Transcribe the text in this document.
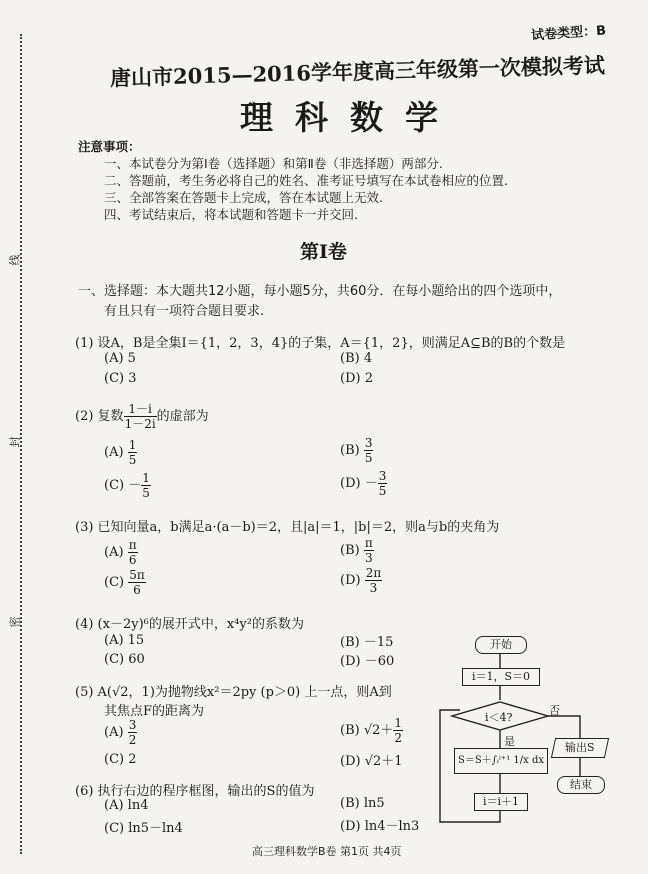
线
封
密
试卷类型：B
唐山市2015—2016学年度高三年级第一次模拟考试
理科数学
注意事项：
一、本试卷分为第Ⅰ卷（选择题）和第Ⅱ卷（非选择题）两部分.
二、答题前，考生务必将自己的姓名、准考证号填写在本试卷相应的位置.
三、全部答案在答题卡上完成，答在本试题上无效.
四、考试结束后，将本试题和答题卡一并交回.
第Ⅰ卷
一、选择题：本大题共12小题，每小题5分，共60分．在每小题给出的四个选项中，
有且只有一项符合题目要求.
(1) 设A，B是全集I＝{1，2，3，4}的子集，A＝{1，2}，则满足A⊆B的B的个数是
(A) 5	(B) 4
(C) 3	(D) 2
(2) 复数 $\frac{1-i}{1-2i}$ 的虚部为
$(A) \frac{1}{5}$	$(B) \frac{3}{5}$
$(C) - \frac{1}{5}$	$(D) - \frac{3}{5}$
(3) 已知向量a，b满足a·(a－b)＝2，且|a|＝1，|b|＝2，则a与b的夹角为
$(A) \frac{\pi}{6}$	$(B) \frac{\pi}{3}$
$(C) \frac{5\pi}{6}$	$(D) \frac{2\pi}{3}$
(4) (x－2y)⁶的展开式中，x⁴y²的系数为
(A) 15	(B) －15
(C) 60	(D) －60
(5) A(√2，1)为抛物线x²＝2py (p＞0) 上一点，则A到
其焦点F的距离为
$(A) \frac{3}{2}$	(B) $√2+ \frac{1}{2}$
(C) 2	(D) √2＋1
(6) 执行右边的程序框图，输出的S的值为
(A) ln4	(B) ln5
(C) ln5－ln4	(D) ln4－ln3
开始
i＝1，S＝0
i＜4?
否
是
S＝S＋∫ᵢⁱ⁺¹ 1/x dx
i＝i＋1
输出S
结束
高三理科数学B卷 第1页 共4页
